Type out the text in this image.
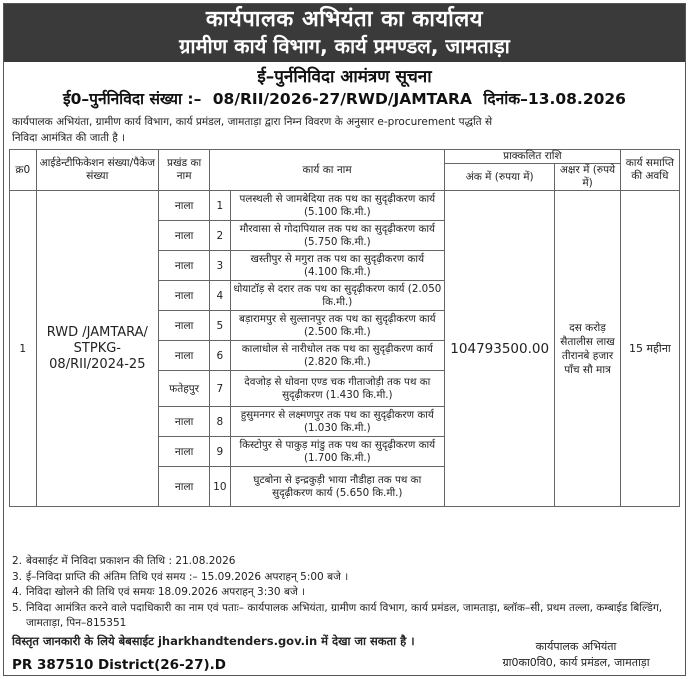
कार्यपालक अभियंता का कार्यालय
ग्रामीण कार्य विभाग, कार्य प्रमण्डल, जामताड़ा
ई–पुर्ननिविदा आमंत्रण सूचना
ई0–पुर्ननिविदा संख्या :– 08/RII/2026-27/RWD/JAMTARA दिनांक–13.08.2026
कार्यपालक अभियंता, ग्रामीण कार्य विभाग, कार्य प्रमंडल, जामताड़ा द्वारा निम्न विवरण के अनुसार e-procurement पद्धति से
निविदा आमंत्रित की जाती है ।
क्र0	आईडेन्टीफिकेशन संख्या/पैकेज संख्या	प्रखंड का नाम	कार्य का नाम		प्राक्कलित राशि		कार्य समाप्ति की अवधि
					अंक में (रुपया में)	अक्षर में (रुपये में)	
1	RWD /JAMTARA/ STPKG-08/RII/2024-25	नाला	1	पलस्थली से जामबेदिया तक पथ का सुदृढ़ीकरण कार्य (5.100 कि.मी.)	104793500.00	दस करोड़ सैतालीस लाख तीरानबे हजार पाँच सौ मात्र	15 महीना
		नाला	2	मौरवासा से गोदापियाल तक पथ का सुदृढ़ीकरण कार्य (5.750 कि.मी.)			
		नाला	3	खस्तीपुर से मगुरा तक पथ का सुदृढ़ीकरण कार्य (4.100 कि.मी.)			
		नाला	4	धोयाटॉड़ से दरार तक पथ का सुदृढ़ीकरण कार्य (2.050 कि.मी.)			
		नाला	5	बड़ारामपुर से सुल्तानपुर तक पथ का सुदृढ़ीकरण कार्य (2.500 कि.मी.)			
		नाला	6	कालाधोल से नारीधोल तक पथ का सुदृढ़ीकरण कार्य (2.820 कि.मी.)			
		फतेहपुर	7	देवजोड़ से धोवना एण्ड चक गीताजोड़ी तक पथ का सुदृढ़ीकरण (1.430 कि.मी.)			
		नाला	8	हुसुमनगर से लक्ष्मणपुर तक पथ का सुदृढ़ीकरण कार्य (1.030 कि.मी.)			
		नाला	9	किस्टोपुर से पाकुड़ मांडु तक पथ का सुदृढ़ीकरण कार्य (1.700 कि.मी.)			
		नाला	10	घुटबोना से इन्द्रकुड़ी भाया नौडीहा तक पथ का सुदृढ़ीकरण कार्य (5.650 कि.मी.)			
2. बेवसाईट में निविदा प्रकाशन की तिथि : 21.08.2026
3. ई–निविदा प्राप्ति की अंतिम तिथि एवं समय :– 15.09.2026 अपराहन् 5:00 बजे ।
4. निविदा खोलने की तिथि एवं समयः 18.09.2026 अपराहन् 3:30 बजे ।
5. निविदा आमंत्रित करने वाले पदाधिकारी का नाम एवं पताः– कार्यपालक अभियंता, ग्रामीण कार्य विभाग, कार्य प्रमंडल, जामताड़ा, ब्लॉक–सी, प्रथम तल्ला, कम्बाईड बिल्डिंग, जामताड़ा, पिन–815351
विस्तृत जानकारी के लिये बेबसाईट jharkhandtenders.gov.in में देखा जा सकता है ।
PR 387510 District(26-27).D
कार्यपालक अभियंता
ग्रा0का0वि0, कार्य प्रमंडल, जामताड़ा
